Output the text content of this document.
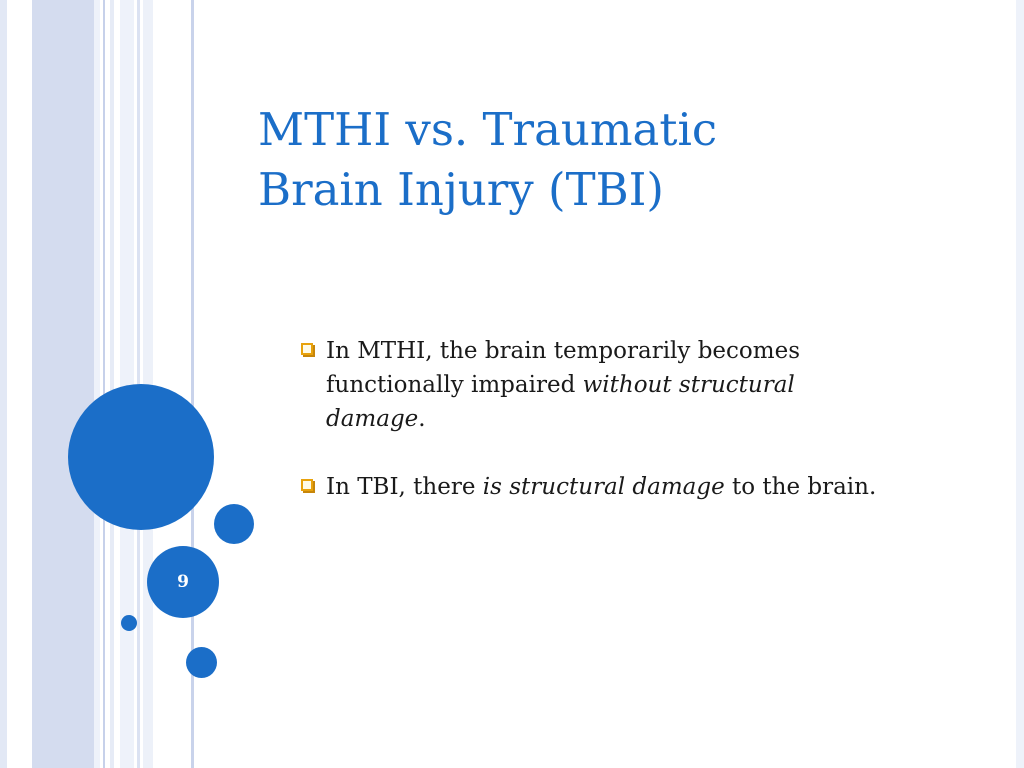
9
MTHI vs. Traumatic
Brain Injury (TBI)

In MTHI, the brain temporarily becomes functionally impaired without structural damage.

In TBI, there is structural damage to the brain.
